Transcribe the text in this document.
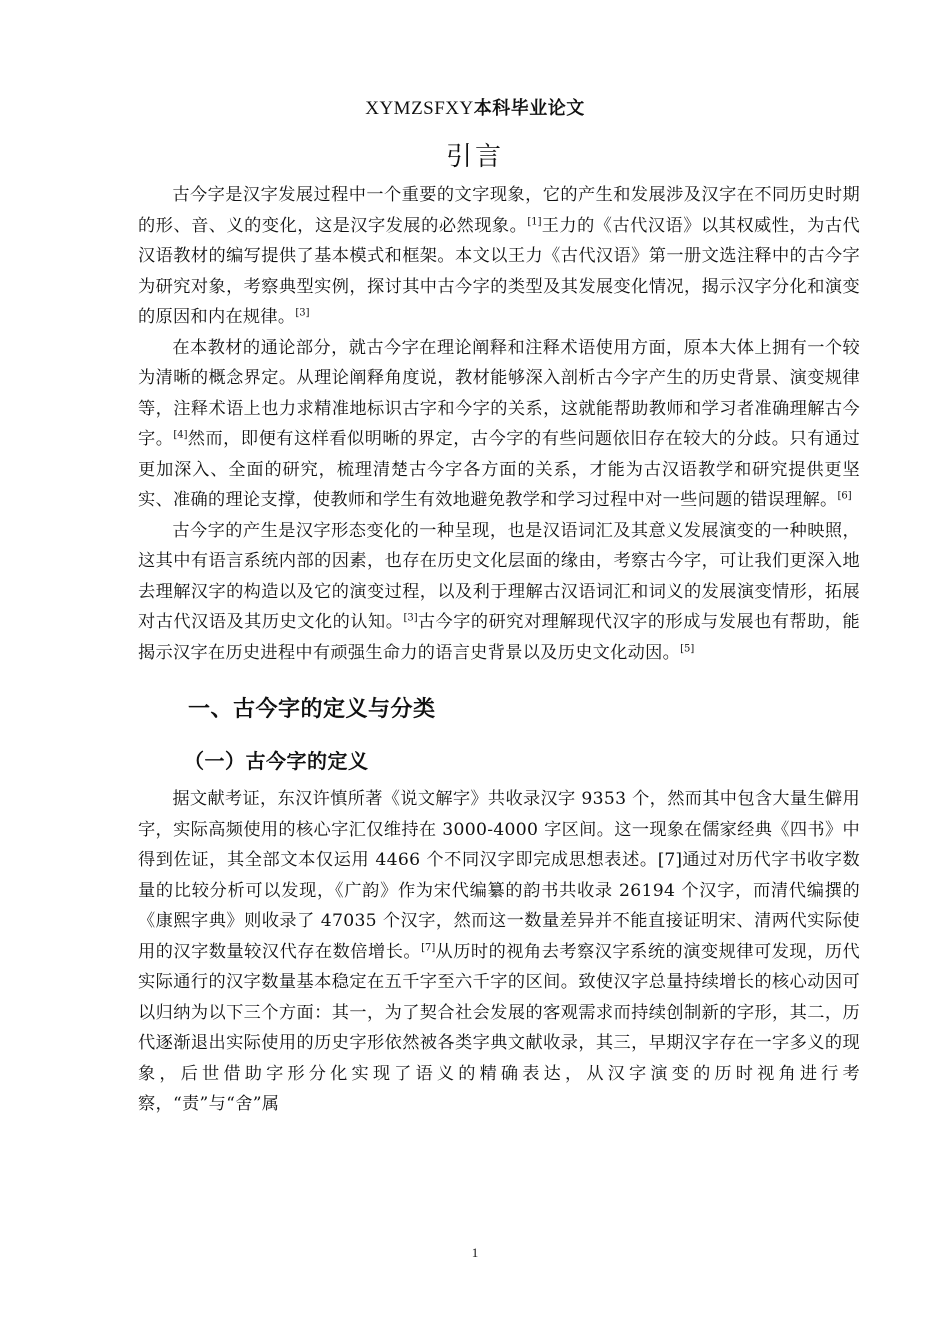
XYMZSFXY本科毕业论文
引言

古今字是汉字发展过程中一个重要的文字现象，它的产生和发展涉及汉字在不同历史时期的形、音、义的变化，这是汉字发展的必然现象。[1]王力的《古代汉语》以其权威性，为古代汉语教材的编写提供了基本模式和框架。本文以王力《古代汉语》第一册文选注释中的古今字为研究对象，考察典型实例，探讨其中古今字的类型及其发展变化情况，揭示汉字分化和演变的原因和内在规律。[3]

在本教材的通论部分，就古今字在理论阐释和注释术语使用方面，原本大体上拥有一个较为清晰的概念界定。从理论阐释角度说，教材能够深入剖析古今字产生的历史背景、演变规律等，注释术语上也力求精准地标识古字和今字的关系，这就能帮助教师和学习者准确理解古今字。[4]然而，即便有这样看似明晰的界定，古今字的有些问题依旧存在较大的分歧。只有通过更加深入、全面的研究，梳理清楚古今字各方面的关系，才能为古汉语教学和研究提供更坚实、准确的理论支撑，使教师和学生有效地避免教学和学习过程中对一些问题的错误理解。[6]

古今字的产生是汉字形态变化的一种呈现，也是汉语词汇及其意义发展演变的一种映照，这其中有语言系统内部的因素，也存在历史文化层面的缘由，考察古今字，可让我们更深入地去理解汉字的构造以及它的演变过程，以及利于理解古汉语词汇和词义的发展演变情形，拓展对古代汉语及其历史文化的认知。[3]古今字的研究对理解现代汉字的形成与发展也有帮助，能揭示汉字在历史进程中有顽强生命力的语言史背景以及历史文化动因。[5]

一、古今字的定义与分类
（一）古今字的定义

据文献考证，东汉许慎所著《说文解字》共收录汉字 9353 个，然而其中包含大量生僻用字，实际高频使用的核心字汇仅维持在 3000-4000 字区间。这一现象在儒家经典《四书》中得到佐证，其全部文本仅运用 4466 个不同汉字即完成思想表述。[7]通过对历代字书收字数量的比较分析可以发现，《广韵》作为宋代编纂的韵书共收录 26194 个汉字，而清代编撰的《康熙字典》则收录了 47035 个汉字，然而这一数量差异并不能直接证明宋、清两代实际使用的汉字数量较汉代存在数倍增长。[7]从历时的视角去考察汉字系统的演变规律可发现，历代实际通行的汉字数量基本稳定在五千字至六千字的区间。致使汉字总量持续增长的核心动因可以归纳为以下三个方面：其一，为了契合社会发展的客观需求而持续创制新的字形，其二，历代逐渐退出实际使用的历史字形依然被各类字典文献收录，其三，早期汉字存在一字多义的现象，后世借助字形分化实现了语义的精确表达，从汉字演变的历时视角进行考察，“责”与“舍”属

1
